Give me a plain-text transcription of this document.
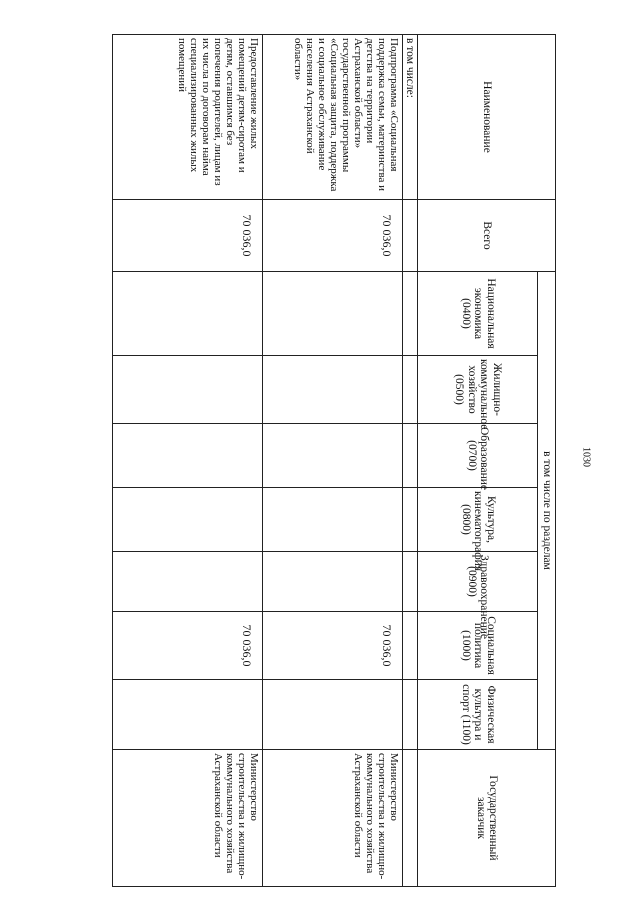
1030
Наименование	Всего	в том числе по разделам							Государственный заказчик
		Национальная экономика (0400)	Жилищно-коммунальное хозяйство (0500)	Образование (0700)	Культура, кинематография (0800)	Здравоохранение (0900)	Социальная политика (1000)	Физическая культура и спорт (1100)	
в том числе:									
Подпрограмма «Социальная поддержка семьи, материнства и детства на территории Астраханской области» государственной программы «Социальная защита, поддержка и социальное обслуживание населения Астраханской области»	70 036,0						70 036,0		Министерство строительства и жилищно-коммунального хозяйства Астраханской области
Предоставление жилых помещений детям-сиротам и детям, оставшимся без попечения родителей, лицам из их числа по договорам найма специализированных жилых помещений	70 036,0						70 036,0		Министерство строительства и жилищно-коммунального хозяйства Астраханской области
